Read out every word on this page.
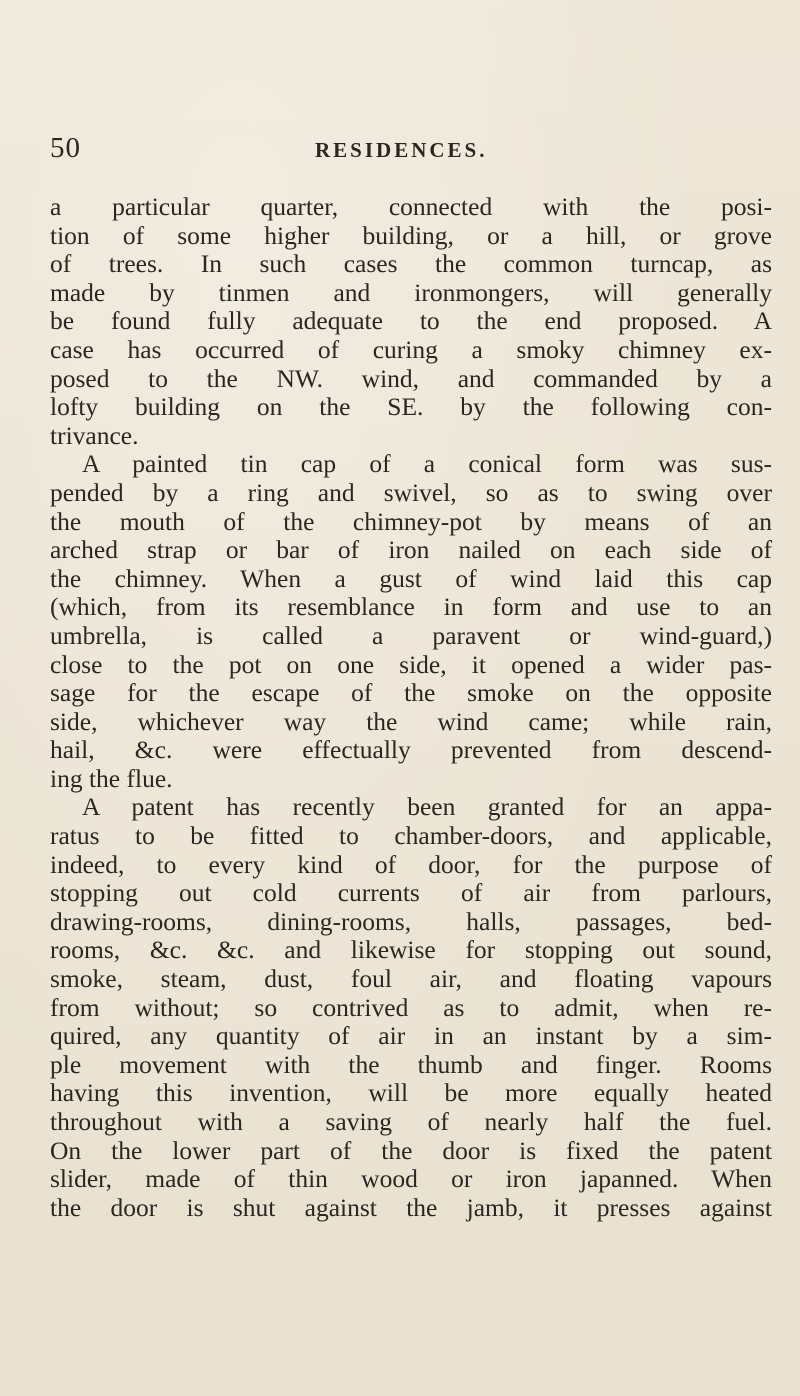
50	RESIDENCES.
a particular quarter, connected with the posi-
tion of some higher building, or a hill, or grove
of trees. In such cases the common turncap, as
made by tinmen and ironmongers, will generally
be found fully adequate to the end proposed. A
case has occurred of curing a smoky chimney ex-
posed to the NW. wind, and commanded by a
lofty building on the SE. by the following con-
trivance.
A painted tin cap of a conical form was sus-
pended by a ring and swivel, so as to swing over
the mouth of the chimney-pot by means of an
arched strap or bar of iron nailed on each side of
the chimney. When a gust of wind laid this cap
(which, from its resemblance in form and use to an
umbrella, is called a paravent or wind-guard,)
close to the pot on one side, it opened a wider pas-
sage for the escape of the smoke on the opposite
side, whichever way the wind came; while rain,
hail, &c. were effectually prevented from descend-
ing the flue.
A patent has recently been granted for an appa-
ratus to be fitted to chamber-doors, and applicable,
indeed, to every kind of door, for the purpose of
stopping out cold currents of air from parlours,
drawing-rooms, dining-rooms, halls, passages, bed-
rooms, &c. &c. and likewise for stopping out sound,
smoke, steam, dust, foul air, and floating vapours
from without; so contrived as to admit, when re-
quired, any quantity of air in an instant by a sim-
ple movement with the thumb and finger. Rooms
having this invention, will be more equally heated
throughout with a saving of nearly half the fuel.
On the lower part of the door is fixed the patent
slider, made of thin wood or iron japanned. When
the door is shut against the jamb, it presses against
